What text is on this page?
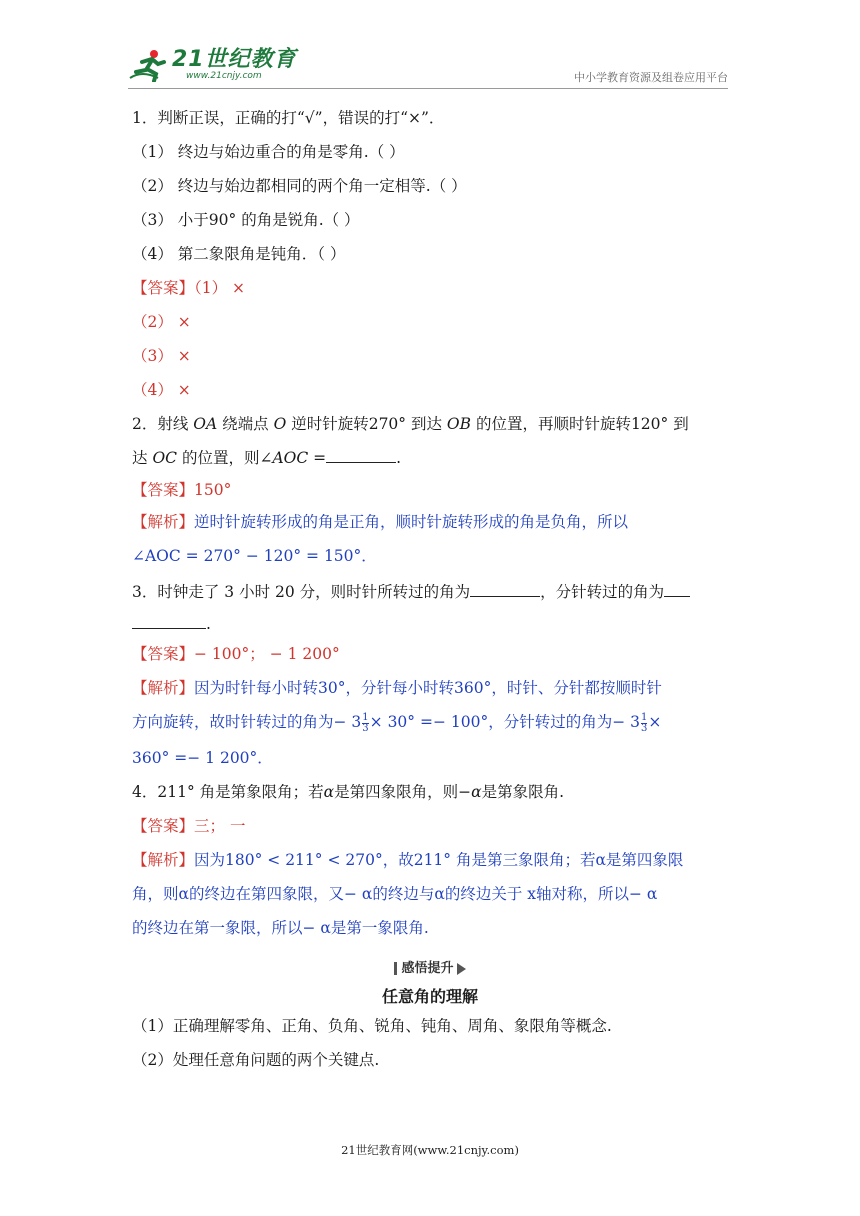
21世纪教育
www.21cnjy.com	中小学教育资源及组卷应用平台
1．判断正误，正确的打“√”，错误的打“×”．
（1） 终边与始边重合的角是零角.（ ）
（2） 终边与始边都相同的两个角一定相等.（ ）
（3） 小于90° 的角是锐角.（ ）
（4） 第二象限角是钝角．（ ）
【答案】（1） ×
（2） ×
（3） ×
（4） ×
2．射线 OA 绕端点 O 逆时针旋转270° 到达 OB 的位置，再顺时针旋转120° 到
达 OC 的位置，则∠AOC =	.
【答案】150°
【解析】逆时针旋转形成的角是正角，顺时针旋转形成的角是负角，所以
∠AOC = 270° − 120° = 150°．
3．时钟走了 3 小时 20 分，则时针所转过的角为	，分针转过的角为
.
【答案】− 100°； − 1 200°
【解析】因为时针每小时转30°，分针每小时转360°，时针、分针都按顺时针
方向旋转，故时针转过的角为− $3 \frac{1}{3} \times 30^\circ =- 100^\circ$，分针转过的角为− $3 \frac{1}{3}$ ×
360° =− 1 200°．
4．211° 角是第象限角；若α是第四象限角，则−α是第象限角.
【答案】三； 一
【解析】因为180° < 211° < 270°，故211° 角是第三象限角；若α是第四象限
角，则α的终边在第四象限，又− α的终边与α的终边关于 x轴对称，所以− α
的终边在第一象限，所以− α是第一象限角.
感悟提升
任意角的理解
（1）正确理解零角、正角、负角、锐角、钝角、周角、象限角等概念.
（2）处理任意角问题的两个关键点.
21世纪教育网(www.21cnjy.com)
